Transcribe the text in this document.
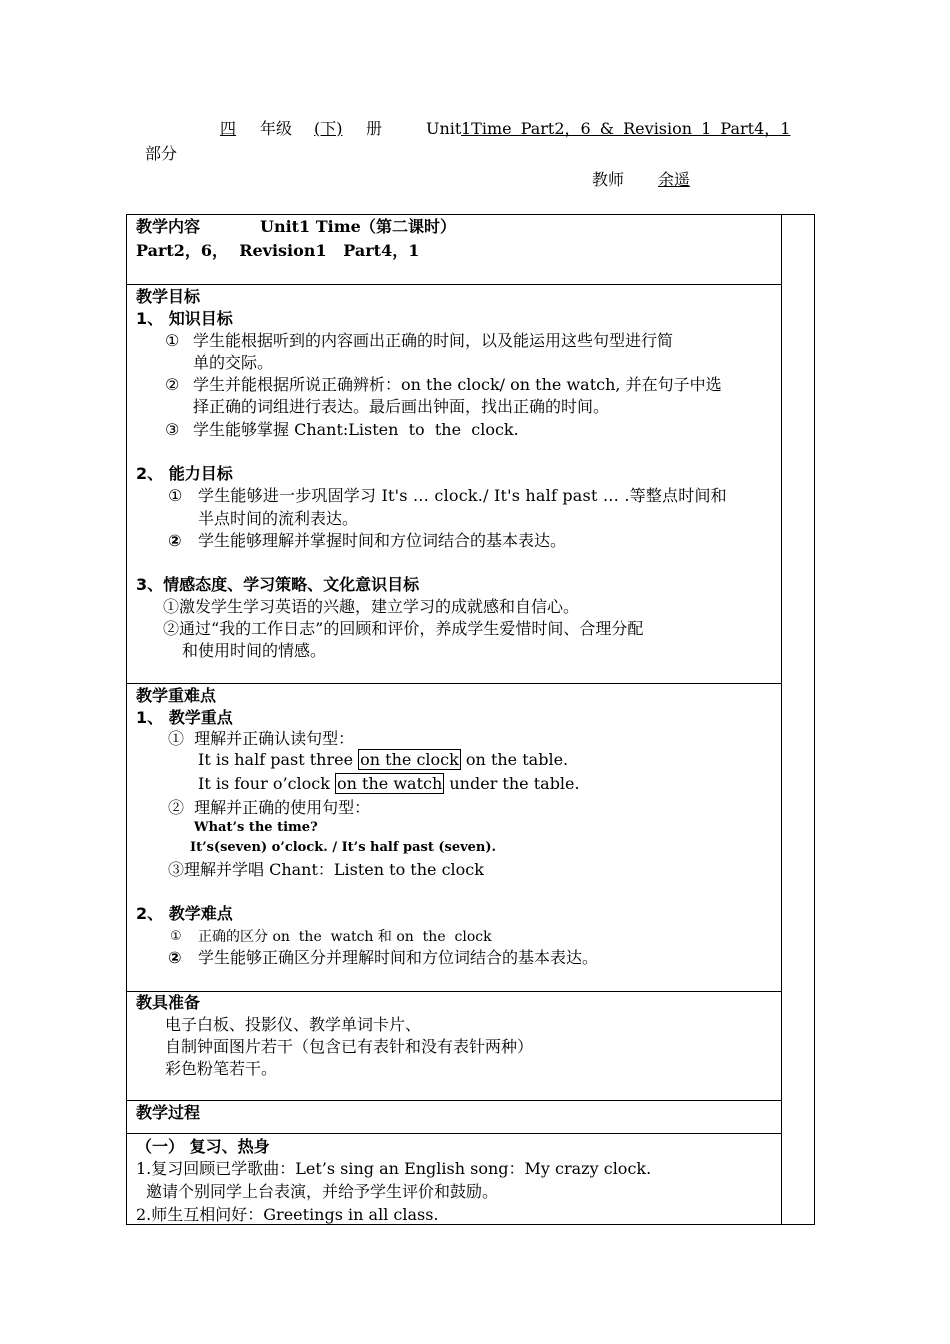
四 年级 (下) 册	Unit 1Time Part2，6 & Revision 1 Part4，1
部分
教师	余遥
教学内容	Unit1 Time （第二课时）
Part2，6，  Revision1   Part4，1
教学目标
1、 知识目标
① 学生能根据听到的内容画出正确的时间，以及能运用这些句型进行简
单的交际。
② 学生并能根据所说正确辨析：on the clock/ on the watch, 并在句子中选
择正确的词组进行表达。最后画出钟面，找出正确的时间。
③ 学生能够掌握 Chant:Listen  to  the  clock.
2、 能力目标
① 学生能够进一步巩固学习 It's … clock./ It's half past … .等整点时间和
半点时间的流利表达。
② 学生能够理解并掌握时间和方位词结合的基本表达。
3、情感态度、学习策略、文化意识目标
①激发学生学习英语的兴趣，建立学习的成就感和自信心。
②通过“我的工作日志”的回顾和评价，养成学生爱惜时间、合理分配
和使用时间的情感。
教学重难点
1、 教学重点
①  理解并正确认读句型：
It is half past three on the clock on the table.
It is four o’clock on the watch under the table.
②  理解并正确的使用句型：
What’s the time?
It’s(seven) o’clock. / It’s half past (seven).
③理解并学唱 Chant：Listen to the clock
2、 教学难点
① 正确的区分 on  the  watch 和 on  the  clock
② 学生能够正确区分并理解时间和方位词结合的基本表达。
教具准备
电子白板、投影仪、教学单词卡片、
自制钟面图片若干（包含已有表针和没有表针两种）
彩色粉笔若干。
教学过程
（一） 复习、热身
1.复习回顾已学歌曲：Let’s sing an English song：My crazy clock.
邀请个别同学上台表演，并给予学生评价和鼓励。
2.师生互相问好：Greetings in all class.
